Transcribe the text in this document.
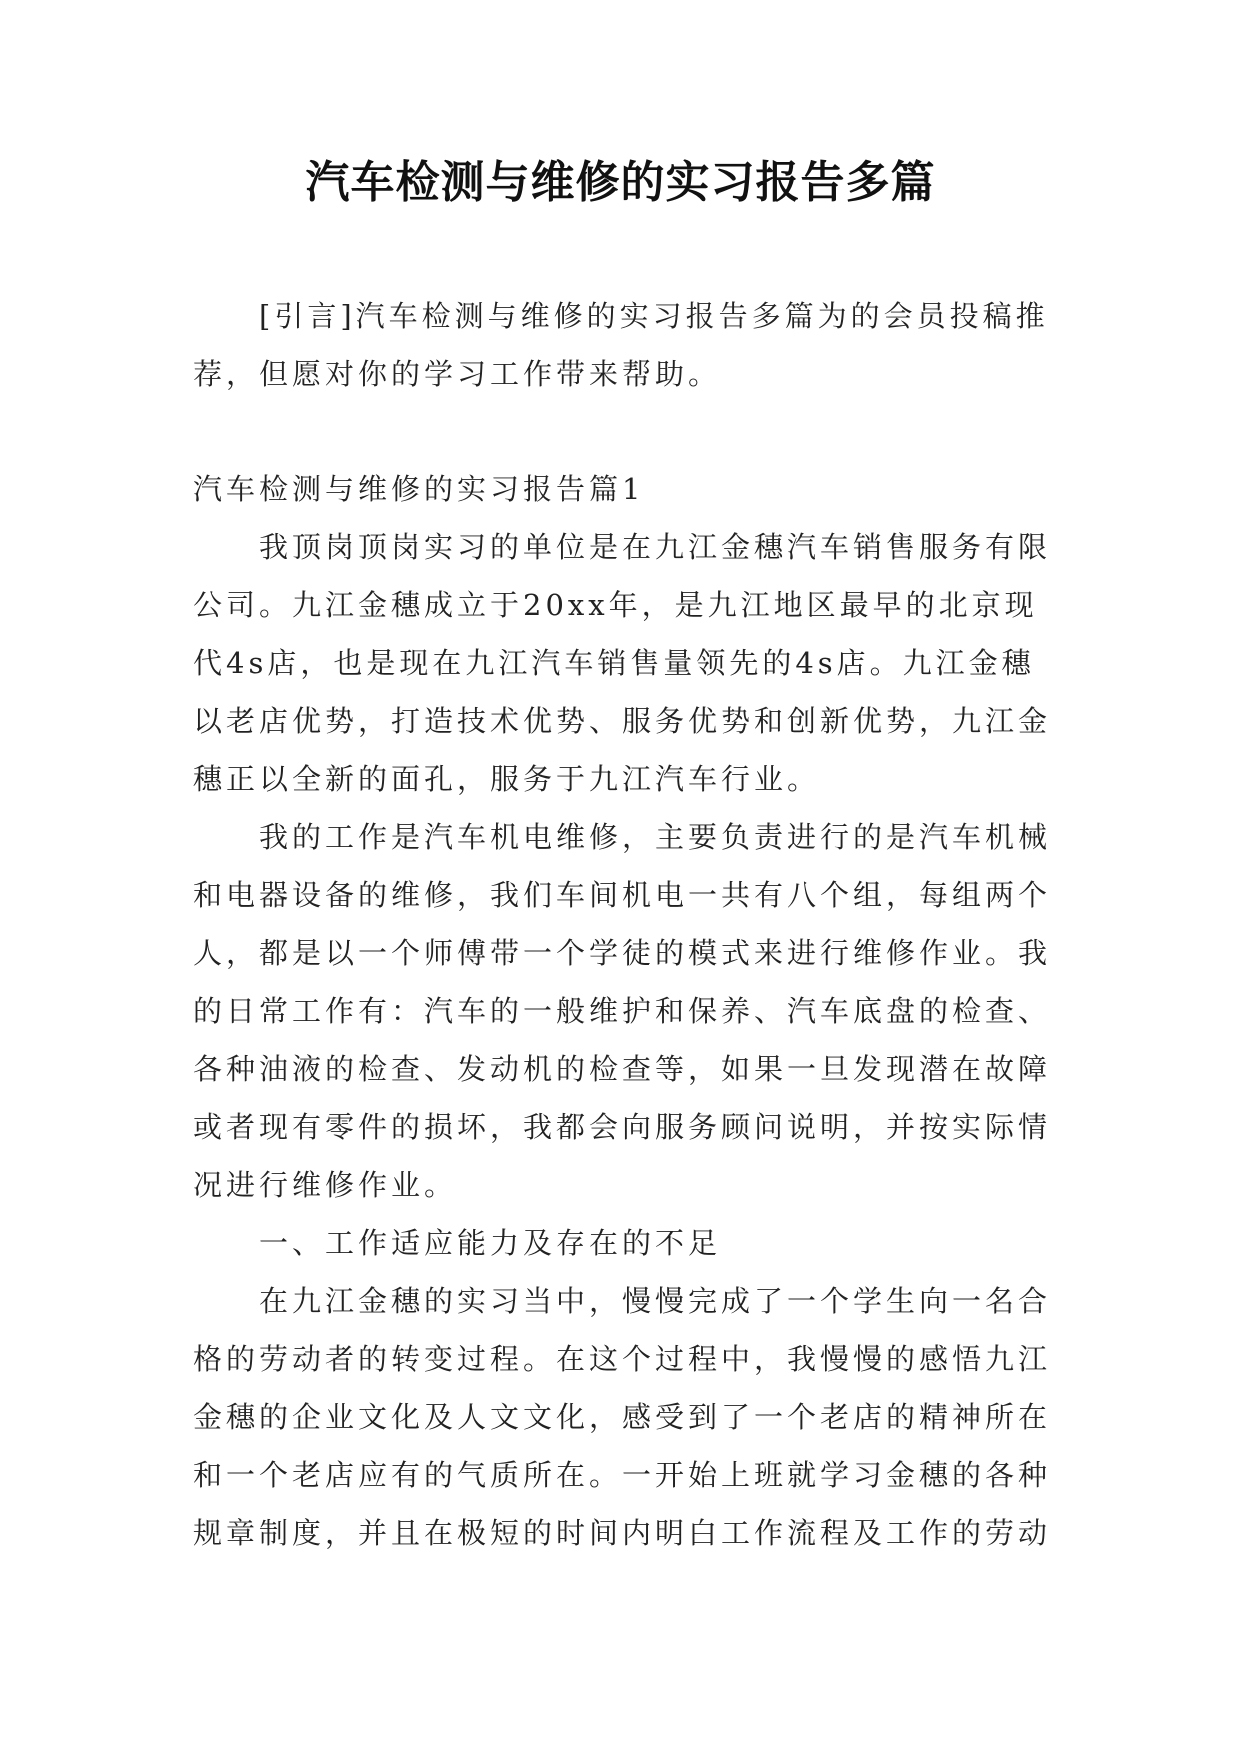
汽车检测与维修的实习报告多篇

[引言]汽车检测与维修的实习报告多篇为的会员投稿推荐，但愿对你的学习工作带来帮助。

汽车检测与维修的实习报告篇1

我顶岗顶岗实习的单位是在九江金穗汽车销售服务有限公司。九江金穗成立于20xx年，是九江地区最早的北京现代4s店，也是现在九江汽车销售量领先的4s店。九江金穗以老店优势，打造技术优势、服务优势和创新优势，九江金穗正以全新的面孔，服务于九江汽车行业。

我的工作是汽车机电维修，主要负责进行的是汽车机械和电器设备的维修，我们车间机电一共有八个组，每组两个人，都是以一个师傅带一个学徒的模式来进行维修作业。我的日常工作有：汽车的一般维护和保养、汽车底盘的检查、各种油液的检查、发动机的检查等，如果一旦发现潜在故障或者现有零件的损坏，我都会向服务顾问说明，并按实际情况进行维修作业。

一、工作适应能力及存在的不足

在九江金穗的实习当中，慢慢完成了一个学生向一名合格的劳动者的转变过程。在这个过程中，我慢慢的感悟九江金穗的企业文化及人文文化，感受到了一个老店的精神所在和一个老店应有的气质所在。一开始上班就学习金穗的各种规章制度，并且在极短的时间内明白工作流程及工作的劳动
